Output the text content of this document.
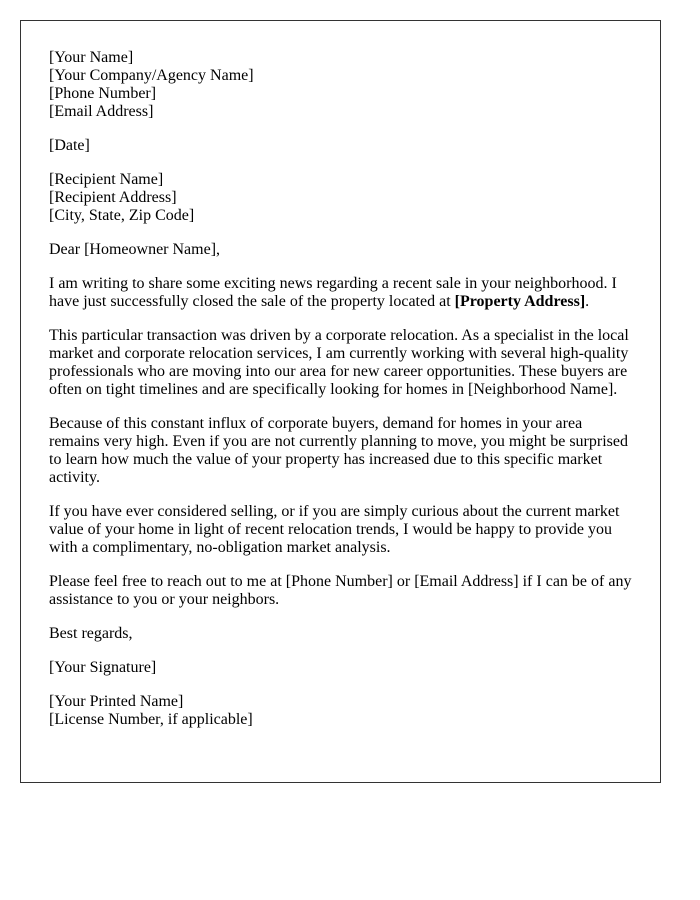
[Your Name]
[Your Company/Agency Name]
[Phone Number]
[Email Address]
[Date]
[Recipient Name]
[Recipient Address]
[City, State, Zip Code]

Dear [Homeowner Name],

I am writing to share some exciting news regarding a recent sale in your neighborhood. I have just successfully closed the sale of the property located at [Property Address].

This particular transaction was driven by a corporate relocation. As a specialist in the local market and corporate relocation services, I am currently working with several high-quality professionals who are moving into our area for new career opportunities. These buyers are often on tight timelines and are specifically looking for homes in [Neighborhood Name].

Because of this constant influx of corporate buyers, demand for homes in your area remains very high. Even if you are not currently planning to move, you might be surprised to learn how much the value of your property has increased due to this specific market activity.

If you have ever considered selling, or if you are simply curious about the current market value of your home in light of recent relocation trends, I would be happy to provide you with a complimentary, no-obligation market analysis.

Please feel free to reach out to me at [Phone Number] or [Email Address] if I can be of any assistance to you or your neighbors.

Best regards,

[Your Signature]

[Your Printed Name]
[License Number, if applicable]
